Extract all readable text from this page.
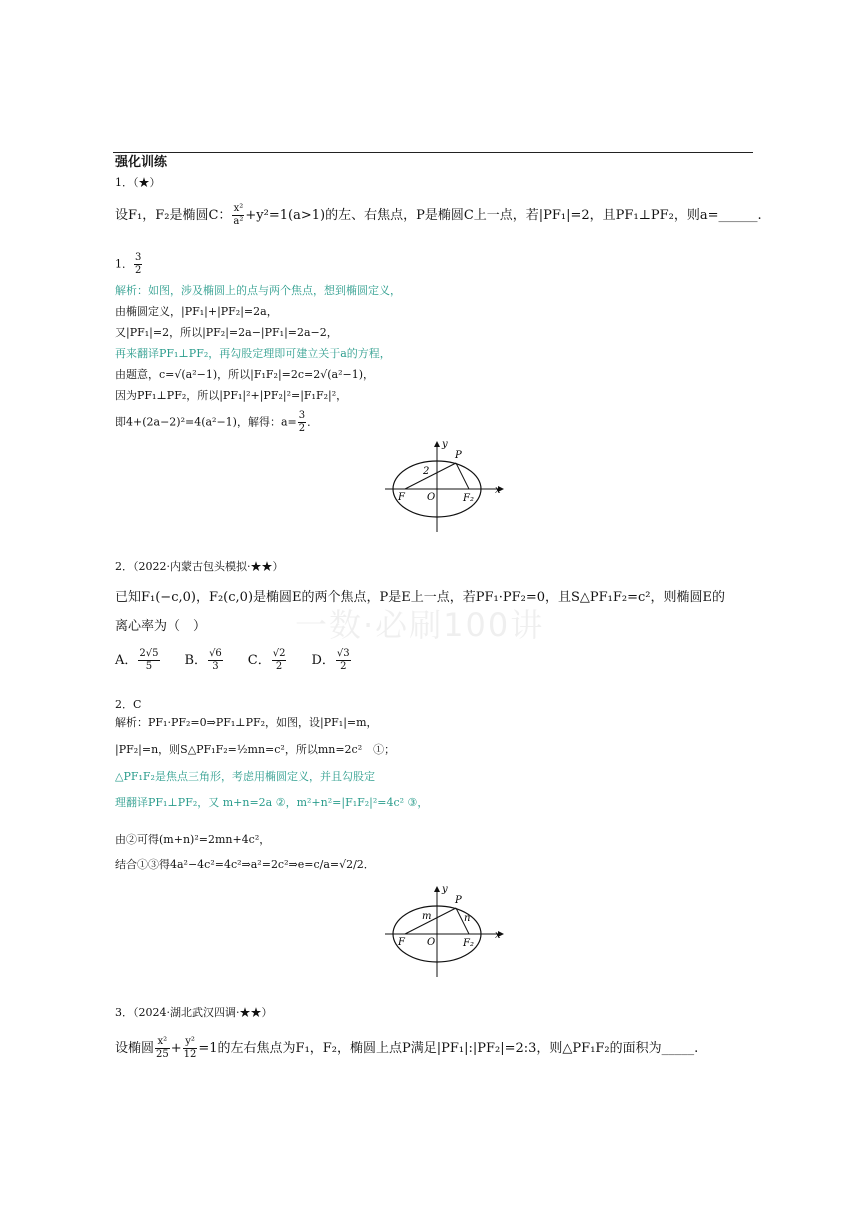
一数·必刷100讲
强化训练
1．（★）
设F₁，F₂是椭圆C： $\frac{\text{x²}}{\text{a²}} +y^2=1(a>1)$的左、右焦点，P是椭圆C上一点，若|PF₁|=2，且PF₁⊥PF₂，则a=______.
1． $\frac{3}{2}$
解析：如图，涉及椭圆上的点与两个焦点，想到椭圆定义，
由椭圆定义，|PF₁|+|PF₂|=2a，
又|PF₁|=2，所以|PF₂|=2a−|PF₁|=2a−2，
再来翻译PF₁⊥PF₂，再勾股定理即可建立关于a的方程，
由题意，c=√(a²−1)，所以|F₁F₂|=2c=2√(a²−1)，
因为PF₁⊥PF₂，所以|PF₁|²+|PF₂|²=|F₁F₂|²，
即4+(2a−2)²=4(a²−1)，解得：$a= \frac{3}{2}$ ．
y
x
P
F O	F₂
2
2．（2022·内蒙古包头模拟·★★）
已知F₁(−c,0)，F₂(c,0)是椭圆E的两个焦点，P是E上一点，若PF₁·PF₂=0，且S△PF₁F₂=c²，则椭圆E的
离心率为（　）
A． $\frac{2√5}{5}$ B． $\frac{√6}{3}$ C． $\frac{√2}{2}$ D． $\frac{√3}{2}$
2．C
解析：PF₁·PF₂=0⇒PF₁⊥PF₂，如图，设|PF₁|=m，
|PF₂|=n，则S△PF₁F₂=½mn=c²，所以mn=2c²　①；
△PF₁F₂是焦点三角形，考虑用椭圆定义，并且勾股定
理翻译PF₁⊥PF₂，又 m+n=2a ②，m²+n²=|F₁F₂|²=4c² ③，
由②可得(m+n)²=2mn+4c²，
结合①③得4a²−4c²=4c²⇒a²=2c²⇒e=c/a=√2/2．
y
x
P
F O	F₂
m	n
3．（2024·湖北武汉四调·★★）
设椭圆 $\frac{\text{x²}}{25} + \frac{\text{y²}}{12} =1$的左右焦点为F₁，F₂，椭圆上点P满足|PF₁|:|PF₂|=2:3，则△PF₁F₂的面积为_____.
